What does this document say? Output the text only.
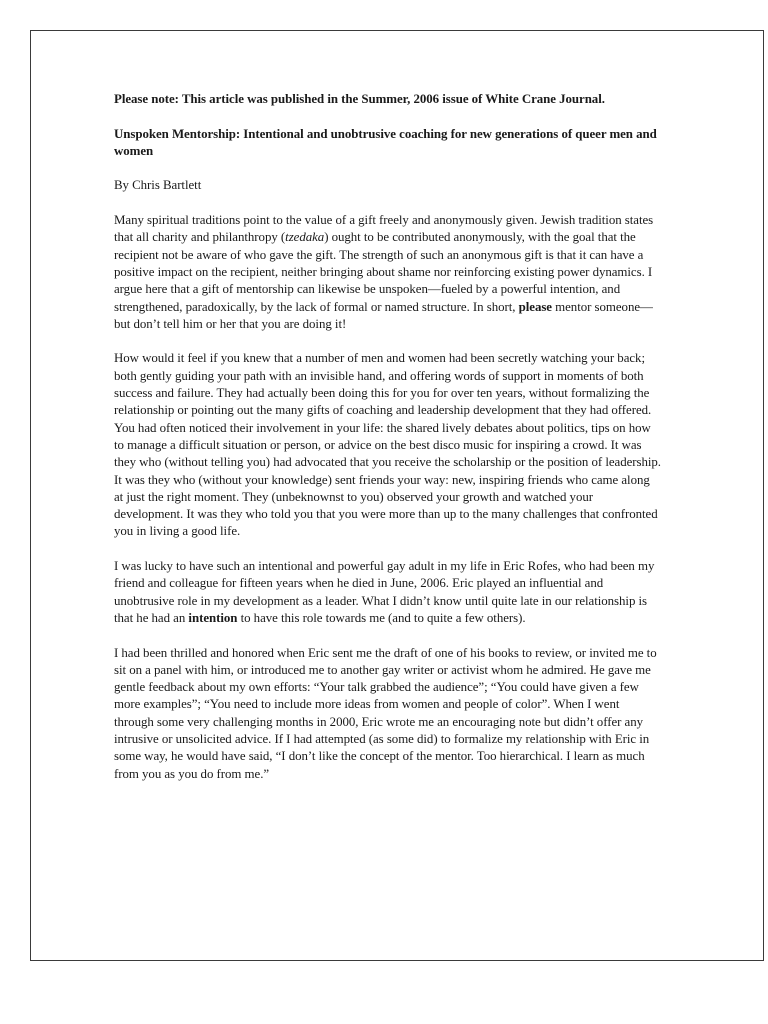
Please note: This article was published in the Summer, 2006 issue of White Crane Journal.

Unspoken Mentorship: Intentional and unobtrusive coaching for new generations of queer men and women

By Chris Bartlett

Many spiritual traditions point to the value of a gift freely and anonymously given. Jewish tradition states that all charity and philanthropy (tzedaka) ought to be contributed anonymously, with the goal that the recipient not be aware of who gave the gift. The strength of such an anonymous gift is that it can have a positive impact on the recipient, neither bringing about shame nor reinforcing existing power dynamics. I argue here that a gift of mentorship can likewise be unspoken—fueled by a powerful intention, and strengthened, paradoxically, by the lack of formal or named structure. In short, please mentor someone—but don’t tell him or her that you are doing it!

How would it feel if you knew that a number of men and women had been secretly watching your back; both gently guiding your path with an invisible hand, and offering words of support in moments of both success and failure. They had actually been doing this for you for over ten years, without formalizing the relationship or pointing out the many gifts of coaching and leadership development that they had offered. You had often noticed their involvement in your life: the shared lively debates about politics, tips on how to manage a difficult situation or person, or advice on the best disco music for inspiring a crowd. It was they who (without telling you) had advocated that you receive the scholarship or the position of leadership. It was they who (without your knowledge) sent friends your way: new, inspiring friends who came along at just the right moment. They (unbeknownst to you) observed your growth and watched your development. It was they who told you that you were more than up to the many challenges that confronted you in living a good life.

I was lucky to have such an intentional and powerful gay adult in my life in Eric Rofes, who had been my friend and colleague for fifteen years when he died in June, 2006. Eric played an influential and unobtrusive role in my development as a leader. What I didn’t know until quite late in our relationship is that he had an intention to have this role towards me (and to quite a few others).

I had been thrilled and honored when Eric sent me the draft of one of his books to review, or invited me to sit on a panel with him, or introduced me to another gay writer or activist whom he admired. He gave me gentle feedback about my own efforts: “Your talk grabbed the audience”; “You could have given a few more examples”; “You need to include more ideas from women and people of color”. When I went through some very challenging months in 2000, Eric wrote me an encouraging note but didn’t offer any intrusive or unsolicited advice. If I had attempted (as some did) to formalize my relationship with Eric in some way, he would have said, “I don’t like the concept of the mentor. Too hierarchical. I learn as much from you as you do from me.”
